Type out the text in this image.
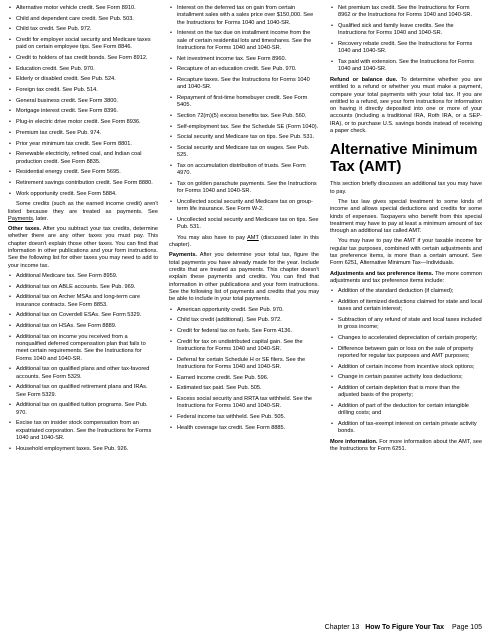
• Alternative motor vehicle credit. See Form 8910.
• Child and dependent care credit. See Pub. 503.
• Child tax credit. See Pub. 972.
• Credit for employer social security and Medicare taxes paid on certain employee tips. See Form 8846.
• Credit to holders of tax credit bonds. See Form 8912.
• Education credit. See Pub. 970.
• Elderly or disabled credit. See Pub. 524.
• Foreign tax credit. See Pub. 514.
• General business credit. See Form 3800.
• Mortgage interest credit. See Form 8396.
• Plug-in electric drive motor credit. See Form 8936.
• Premium tax credit. See Pub. 974.
• Prior year minimum tax credit. See Form 8801.
• Renewable electricity, refined coal, and Indian coal production credit. See Form 8835.
• Residential energy credit. See Form 5695.
• Retirement savings contribution credit. See Form 8880.
• Work opportunity credit. See Form 5884.

Some credits (such as the earned income credit) aren't listed because they are treated as payments. See Payments, later.

Other taxes. After you subtract your tax credits, determine whether there are any other taxes you must pay. This chapter doesn't explain those other taxes. You can find that information in other publications and your form instructions. See the following list for other taxes you may need to add to your income tax.

• Additional Medicare tax. See Form 8959.
• Additional tax on ABLE accounts. See Pub. 969.
• Additional tax on Archer MSAs and long-term care insurance contracts. See Form 8853.
• Additional tax on Coverdell ESAs. See Form 5329.
• Additional tax on HSAs. See Form 8889.
• Additional tax on income you received from a nonqualified deferred compensation plan that fails to meet certain requirements. See the Instructions for Forms 1040 and 1040-SR.
• Additional tax on qualified plans and other tax-favored accounts. See Form 5329.
• Additional tax on qualified retirement plans and IRAs. See Form 5329.
• Additional tax on qualified tuition programs. See Pub. 970.
• Excise tax on insider stock compensation from an expatriated corporation. See the Instructions for Forms 1040 and 1040-SR.
• Household employment taxes. See Pub. 926.
• Interest on the deferred tax on gain from certain installment sales with a sales price over $150,000. See the Instructions for Forms 1040 and 1040-SR.
• Interest on the tax due on installment income from the sale of certain residential lots and timeshares. See the Instructions for Forms 1040 and 1040-SR.
• Net investment income tax. See Form 8960.
• Recapture of an education credit. See Pub. 970.
• Recapture taxes. See the Instructions for Forms 1040 and 1040-SR.
• Repayment of first-time homebuyer credit. See Form 5405.
• Section 72(m)(5) excess benefits tax. See Pub. 560.
• Self-employment tax. See the Schedule SE (Form 1040).
• Social security and Medicare tax on tips. See Pub. 531.
• Social security and Medicare tax on wages. See Pub. 525.
• Tax on accumulation distribution of trusts. See Form 4970.
• Tax on golden parachute payments. See the Instructions for Forms 1040 and 1040-SR.
• Uncollected social security and Medicare tax on group-term life insurance. See Form W-2.
• Uncollected social security and Medicare tax on tips. See Pub. 531.

You may also have to pay AMT (discussed later in this chapter).

Payments. After you determine your total tax, figure the total payments you have already made for the year. Include credits that are treated as payments. This chapter doesn't explain these payments and credits. You can find that information in other publications and your form instructions. See the following list of payments and credits that you may be able to include in your total payments.

• American opportunity credit. See Pub. 970.
• Child tax credit (additional). See Pub. 972.
• Credit for federal tax on fuels. See Form 4136.
• Credit for tax on undistributed capital gain. See the Instructions for Forms 1040 and 1040-SR.
• Deferral for certain Schedule H or SE filers. See the Instructions for Forms 1040 and 1040-SR.
• Earned income credit. See Pub. 596.
• Estimated tax paid. See Pub. 505.
• Excess social security and RRTA tax withheld. See the Instructions for Forms 1040 and 1040-SR.
• Federal income tax withheld. See Pub. 505.
• Health coverage tax credit. See Form 8885.
• Net premium tax credit. See the Instructions for Form 8962 or the Instructions for Forms 1040 and 1040-SR.
• Qualified sick and family leave credits. See the Instructions for Forms 1040 and 1040-SR.
• Recovery rebate credit. See the Instructions for Forms 1040 and 1040-SR.
• Tax paid with extension. See the Instructions for Forms 1040 and 1040-SR.

Refund or balance due. To determine whether you are entitled to a refund or whether you must make a payment, compare your total payments with your total tax. If you are entitled to a refund, see your form instructions for information on having it directly deposited into one or more of your accounts (including a traditional IRA, Roth IRA, or a SEP-IRA), or to purchase U.S. savings bonds instead of receiving a paper check.

Alternative Minimum Tax (AMT)

This section briefly discusses an additional tax you may have to pay.

The tax law gives special treatment to some kinds of income and allows special deductions and credits for some kinds of expenses. Taxpayers who benefit from this special treatment may have to pay at least a minimum amount of tax through an additional tax called AMT.

You may have to pay the AMT if your taxable income for regular tax purposes, combined with certain adjustments and tax preference items, is more than a certain amount. See Form 6251, Alternative Minimum Tax—Individuals.

Adjustments and tax preference items. The more common adjustments and tax preference items include:

• Addition of the standard deduction (if claimed);
• Addition of itemized deductions claimed for state and local taxes and certain interest;
• Subtraction of any refund of state and local taxes included in gross income;
• Changes to accelerated depreciation of certain property;
• Difference between gain or loss on the sale of property reported for regular tax purposes and AMT purposes;
• Addition of certain income from incentive stock options;
• Change in certain passive activity loss deductions;
• Addition of certain depletion that is more than the adjusted basis of the property;
• Addition of part of the deduction for certain intangible drilling costs; and
• Addition of tax-exempt interest on certain private activity bonds.

More information. For more information about the AMT, see the Instructions for Form 6251.

Chapter 13 How To Figure Your Tax Page 105
